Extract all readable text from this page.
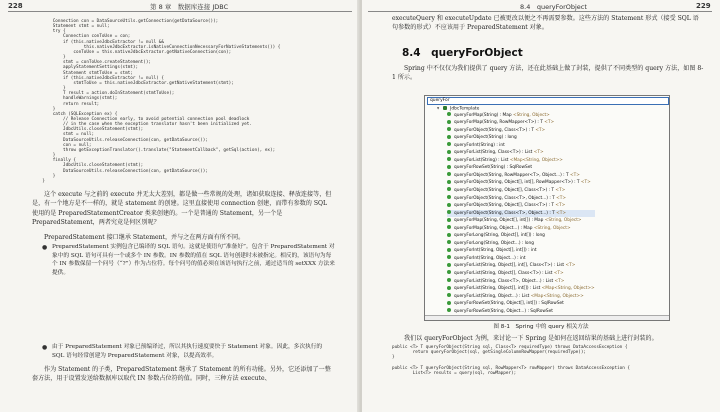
228	第 8 章　数据库连接 JDBC
Connection con = DataSourceUtils.getConnection(getDataSource());
Statement stmt = null;
try {
Connection conToUse = con;
if (this.nativeJdbcExtractor != null &&
this.nativeJdbcExtractor.isNativeConnectionNecessaryForNativeStatements()) {
conToUse = this.nativeJdbcExtractor.getNativeConnection(con);
}
stmt = conToUse.createStatement();
applyStatementSettings(stmt);
Statement stmtToUse = stmt;
if (this.nativeJdbcExtractor != null) {
stmtToUse = this.nativeJdbcExtractor.getNativeStatement(stmt);
}
T result = action.doInStatement(stmtToUse);
handleWarnings(stmt);
return result;
}
catch (SQLException ex) {
// Release Connection early, to avoid potential connection pool deadlock
// in the case when the exception translator hasn't been initialized yet.
JdbcUtils.closeStatement(stmt);
stmt = null;
DataSourceUtils.releaseConnection(con, getDataSource());
con = null;
throw getExceptionTranslator().translate("StatementCallback", getSql(action), ex);
}
finally {
JdbcUtils.closeStatement(stmt);
DataSourceUtils.releaseConnection(con, getDataSource());
}
}

这个 execute 与之前的 execute 并无太大差别，都是做一些常规的处理，诸如获取连接、释放连接等，但是，有一个地方是不一样的，就是 statement 的创建。这里直接使用 connection 创建，而带有参数的 SQL 使用的是 PreparedStatementCreator 类来创建的。一个是普通的 Statement，另一个是 PreparedStatement，两者究竟是何区别呢？
PreparedStatement 接口继承 Statement，并与之在两方面有所不同。
● PreparedStatement 实例包含已编译的 SQL 语句。这就是使语句“准备好”。包含于 PreparedStatement 对象中的 SQL 语句可具有一个或多个 IN 参数。IN 参数的值在 SQL 语句创建时未被指定。相反的，该语句为每个 IN 参数保留一个问号（“?”）作为占位符。每个问号的值必须在该语句执行之前，通过适当的 setXXX 方法来提供。
● 由于 PreparedStatement 对象已预编译过，所以其执行速度要快于 Statement 对象。因此，多次执行的 SQL 语句经常创建为 PreparedStatement 对象，以提高效率。
作为 Statement 的子类，PreparedStatement 继承了 Statement 的所有功能。另外，它还添加了一整套方法，用于设置发送给数据库以取代 IN 参数占位符的值。同时，三种方法 execute、
8.4　queryForObject	229
executeQuery 和 executeUpdate 已被更改以便之不再需要参数。这些方法的 Statement 形式（接受 SQL 语句参数的形式）不应该用于 PreparedStatement 对象。
8.4　queryForObject
Spring 中不仅仅为我们提供了 query 方法，还在此基础上做了封装，提供了不同类型的 query 方法，如图 8-1 所示。
queryFor
▾ JdbcTemplate
queryForMap(String) : Map <String, Object>
queryForMap(String, RowMapper<T>) : T <T>
queryForObject(String, Class<T>) : T <T>
queryForObject(String) : long
queryForInt(String) : int
queryForList(String, Class<T>) : List <T>
queryForList(String) : List <Map<String, Object>>
queryForRowSet(String) : SqlRowSet
queryForObject(String, RowMapper<T>, Object...) : T <T>
queryForObject(String, Object[], int[], RowMapper<T>) : T <T>
queryForObject(String, Object[], Class<T>) : T <T>
queryForObject(String, Class<T>, Object...) : T <T>
queryForObject(String, Object[], Class<T>) : T <T>
queryForObject(String, Class<T>, Object...) : T <T>
queryForMap(String, Object[], int[]) : Map <String, Object>
queryForMap(String, Object...) : Map <String, Object>
queryForLong(String, Object[], int[]) : long
queryForLong(String, Object...) : long
queryForInt(String, Object[], int[]) : int
queryForInt(String, Object...) : int
queryForList(String, Object[], int[], Class<T>) : List <T>
queryForList(String, Object[], Class<T>) : List <T>
queryForList(String, Class<T>, Object...) : List <T>
queryForList(String, Object[], int[]) : List <Map<String, Object>>
queryForList(String, Object...) : List <Map<String, Object>>
queryForRowSet(String, Object[], int[]) : SqlRowSet
queryForRowSet(String, Object...) : SqlRowSet
图 8-1　Spring 中的 query 相关方法
我们以 queryForObject 为例，来讨论一下 Spring 是如何在返回结果的基础上进行封装的。
public <T> T queryForObject(String sql, Class<T> requiredType) throws DataAccessException {
return queryForObject(sql, getSingleColumnRowMapper(requiredType));
}

public <T> T queryForObject(String sql, RowMapper<T> rowMapper) throws DataAccessException {
List<T> results = query(sql, rowMapper);
